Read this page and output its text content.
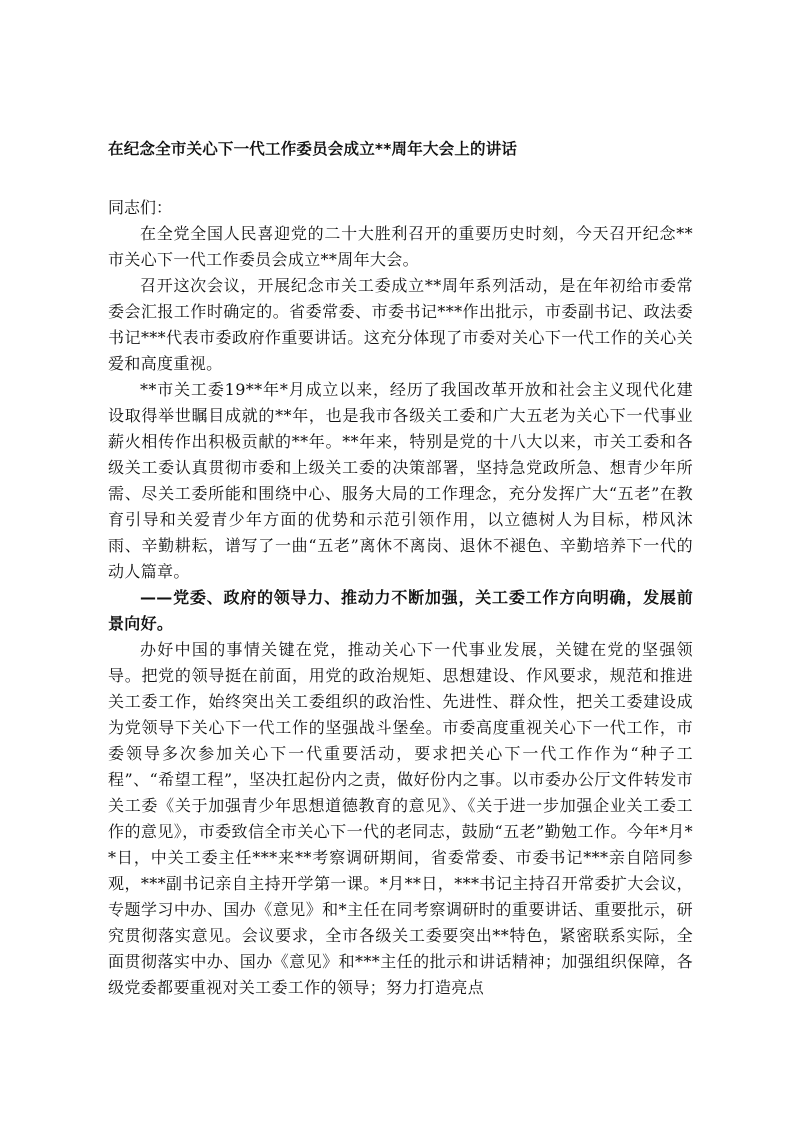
在纪念全市关心下一代工作委员会成立**周年大会上的讲话

同志们：

在全党全国人民喜迎党的二十大胜利召开的重要历史时刻，今天召开纪念**市关心下一代工作委员会成立**周年大会。

召开这次会议，开展纪念市关工委成立**周年系列活动，是在年初给市委常委会汇报工作时确定的。省委常委、市委书记***作出批示，市委副书记、政法委书记***代表市委政府作重要讲话。这充分体现了市委对关心下一代工作的关心关爱和高度重视。

**市关工委19**年*月成立以来，经历了我国改革开放和社会主义现代化建设取得举世瞩目成就的**年，也是我市各级关工委和广大五老为关心下一代事业薪火相传作出积极贡献的**年。**年来，特别是党的十八大以来，市关工委和各级关工委认真贯彻市委和上级关工委的决策部署，坚持急党政所急、想青少年所需、尽关工委所能和围绕中心、服务大局的工作理念，充分发挥广大“五老”在教育引导和关爱青少年方面的优势和示范引领作用，以立德树人为目标，栉风沐雨、辛勤耕耘，谱写了一曲“五老”离休不离岗、退休不褪色、辛勤培养下一代的动人篇章。

——党委、政府的领导力、推动力不断加强，关工委工作方向明确，发展前景向好。

办好中国的事情关键在党，推动关心下一代事业发展，关键在党的坚强领导。把党的领导挺在前面，用党的政治规矩、思想建设、作风要求，规范和推进关工委工作，始终突出关工委组织的政治性、先进性、群众性，把关工委建设成为党领导下关心下一代工作的坚强战斗堡垒。市委高度重视关心下一代工作，市委领导多次参加关心下一代重要活动，要求把关心下一代工作作为“种子工程”、“希望工程”，坚决扛起份内之责，做好份内之事。以市委办公厅文件转发市关工委《关于加强青少年思想道德教育的意见》、《关于进一步加强企业关工委工作的意见》，市委致信全市关心下一代的老同志，鼓励“五老”勤勉工作。今年*月**日，中关工委主任***来**考察调研期间，省委常委、市委书记***亲自陪同参观，***副书记亲自主持开学第一课。*月**日，***书记主持召开常委扩大会议，专题学习中办、国办《意见》和*主任在同考察调研时的重要讲话、重要批示，研究贯彻落实意见。会议要求，全市各级关工委要突出**特色，紧密联系实际，全面贯彻落实中办、国办《意见》和***主任的批示和讲话精神；加强组织保障，各级党委都要重视对关工委工作的领导；努力打造亮点
